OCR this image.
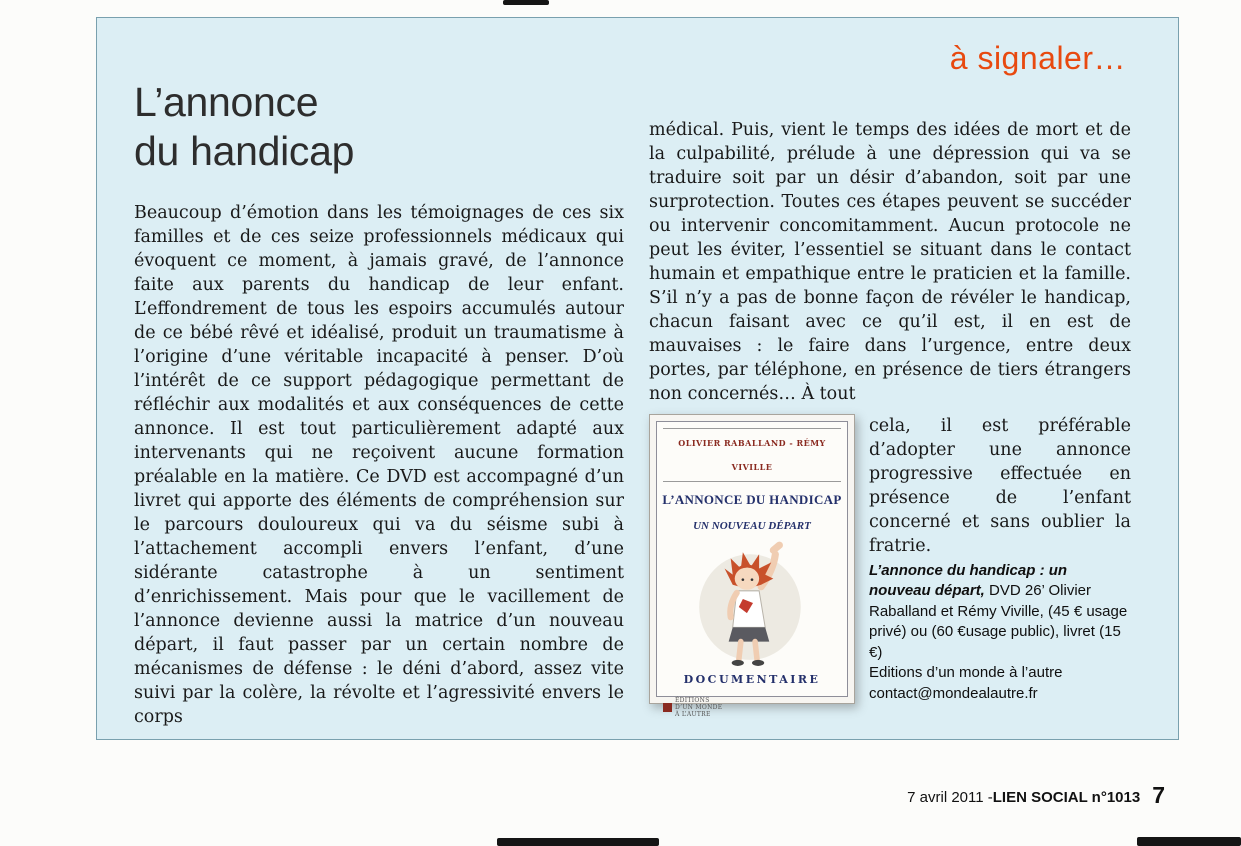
à signaler…
L’annonce
du handicap

Beaucoup d’émotion dans les témoignages de ces six familles et de ces seize professionnels médicaux qui évoquent ce moment, à jamais gravé, de l’annonce faite aux parents du handicap de leur enfant. L’effondrement de tous les espoirs accumulés autour de ce bébé rêvé et idéalisé, produit un traumatisme à l’origine d’une véritable incapacité à penser. D’où l’intérêt de ce support pédagogique permettant de réfléchir aux modalités et aux conséquences de cette annonce. Il est tout particulièrement adapté aux intervenants qui ne reçoivent aucune formation préalable en la matière. Ce DVD est accompagné d’un livret qui apporte des éléments de compréhension sur le parcours douloureux qui va du séisme subi à l’attachement accompli envers l’enfant, d’une sidérante catastrophe à un sentiment d’enrichissement. Mais pour que le vacillement de l’annonce devienne aussi la matrice d’un nouveau départ, il faut passer par un certain nombre de mécanismes de défense : le déni d’abord, assez vite suivi par la colère, la révolte et l’agressivité envers le corps

médical. Puis, vient le temps des idées de mort et de la culpabilité, prélude à une dépression qui va se traduire soit par un désir d’abandon, soit par une surprotection. Toutes ces étapes peuvent se succéder ou intervenir concomitamment. Aucun protocole ne peut les éviter, l’essentiel se situant dans le contact humain et empathique entre le praticien et la famille. S’il n’y a pas de bonne façon de révéler le handicap, chacun faisant avec ce qu’il est, il en est de mauvaises : le faire dans l’urgence, entre deux portes, par téléphone, en présence de tiers étrangers non concernés… À tout

OLIVIER RABALLAND - RÉMY VIVILLE
L’ANNONCE DU HANDICAP
UN NOUVEAU DÉPART
DOCUMENTAIRE
ÉDITIONS
D’UN MONDE
À L’AUTRE

cela, il est préférable d’adopter une annonce progressive effectuée en présence de l’enfant concerné et sans oublier la fratrie.

L’annonce du handicap : un nouveau départ, DVD 26’ Olivier Raballand et Rémy Viville, (45 € usage privé) ou (60 €usage public), livret (15 €)
Editions d’un monde à l’autre
contact@mondealautre.fr
7 avril 2011 - LIEN SOCIAL n°1013 7
